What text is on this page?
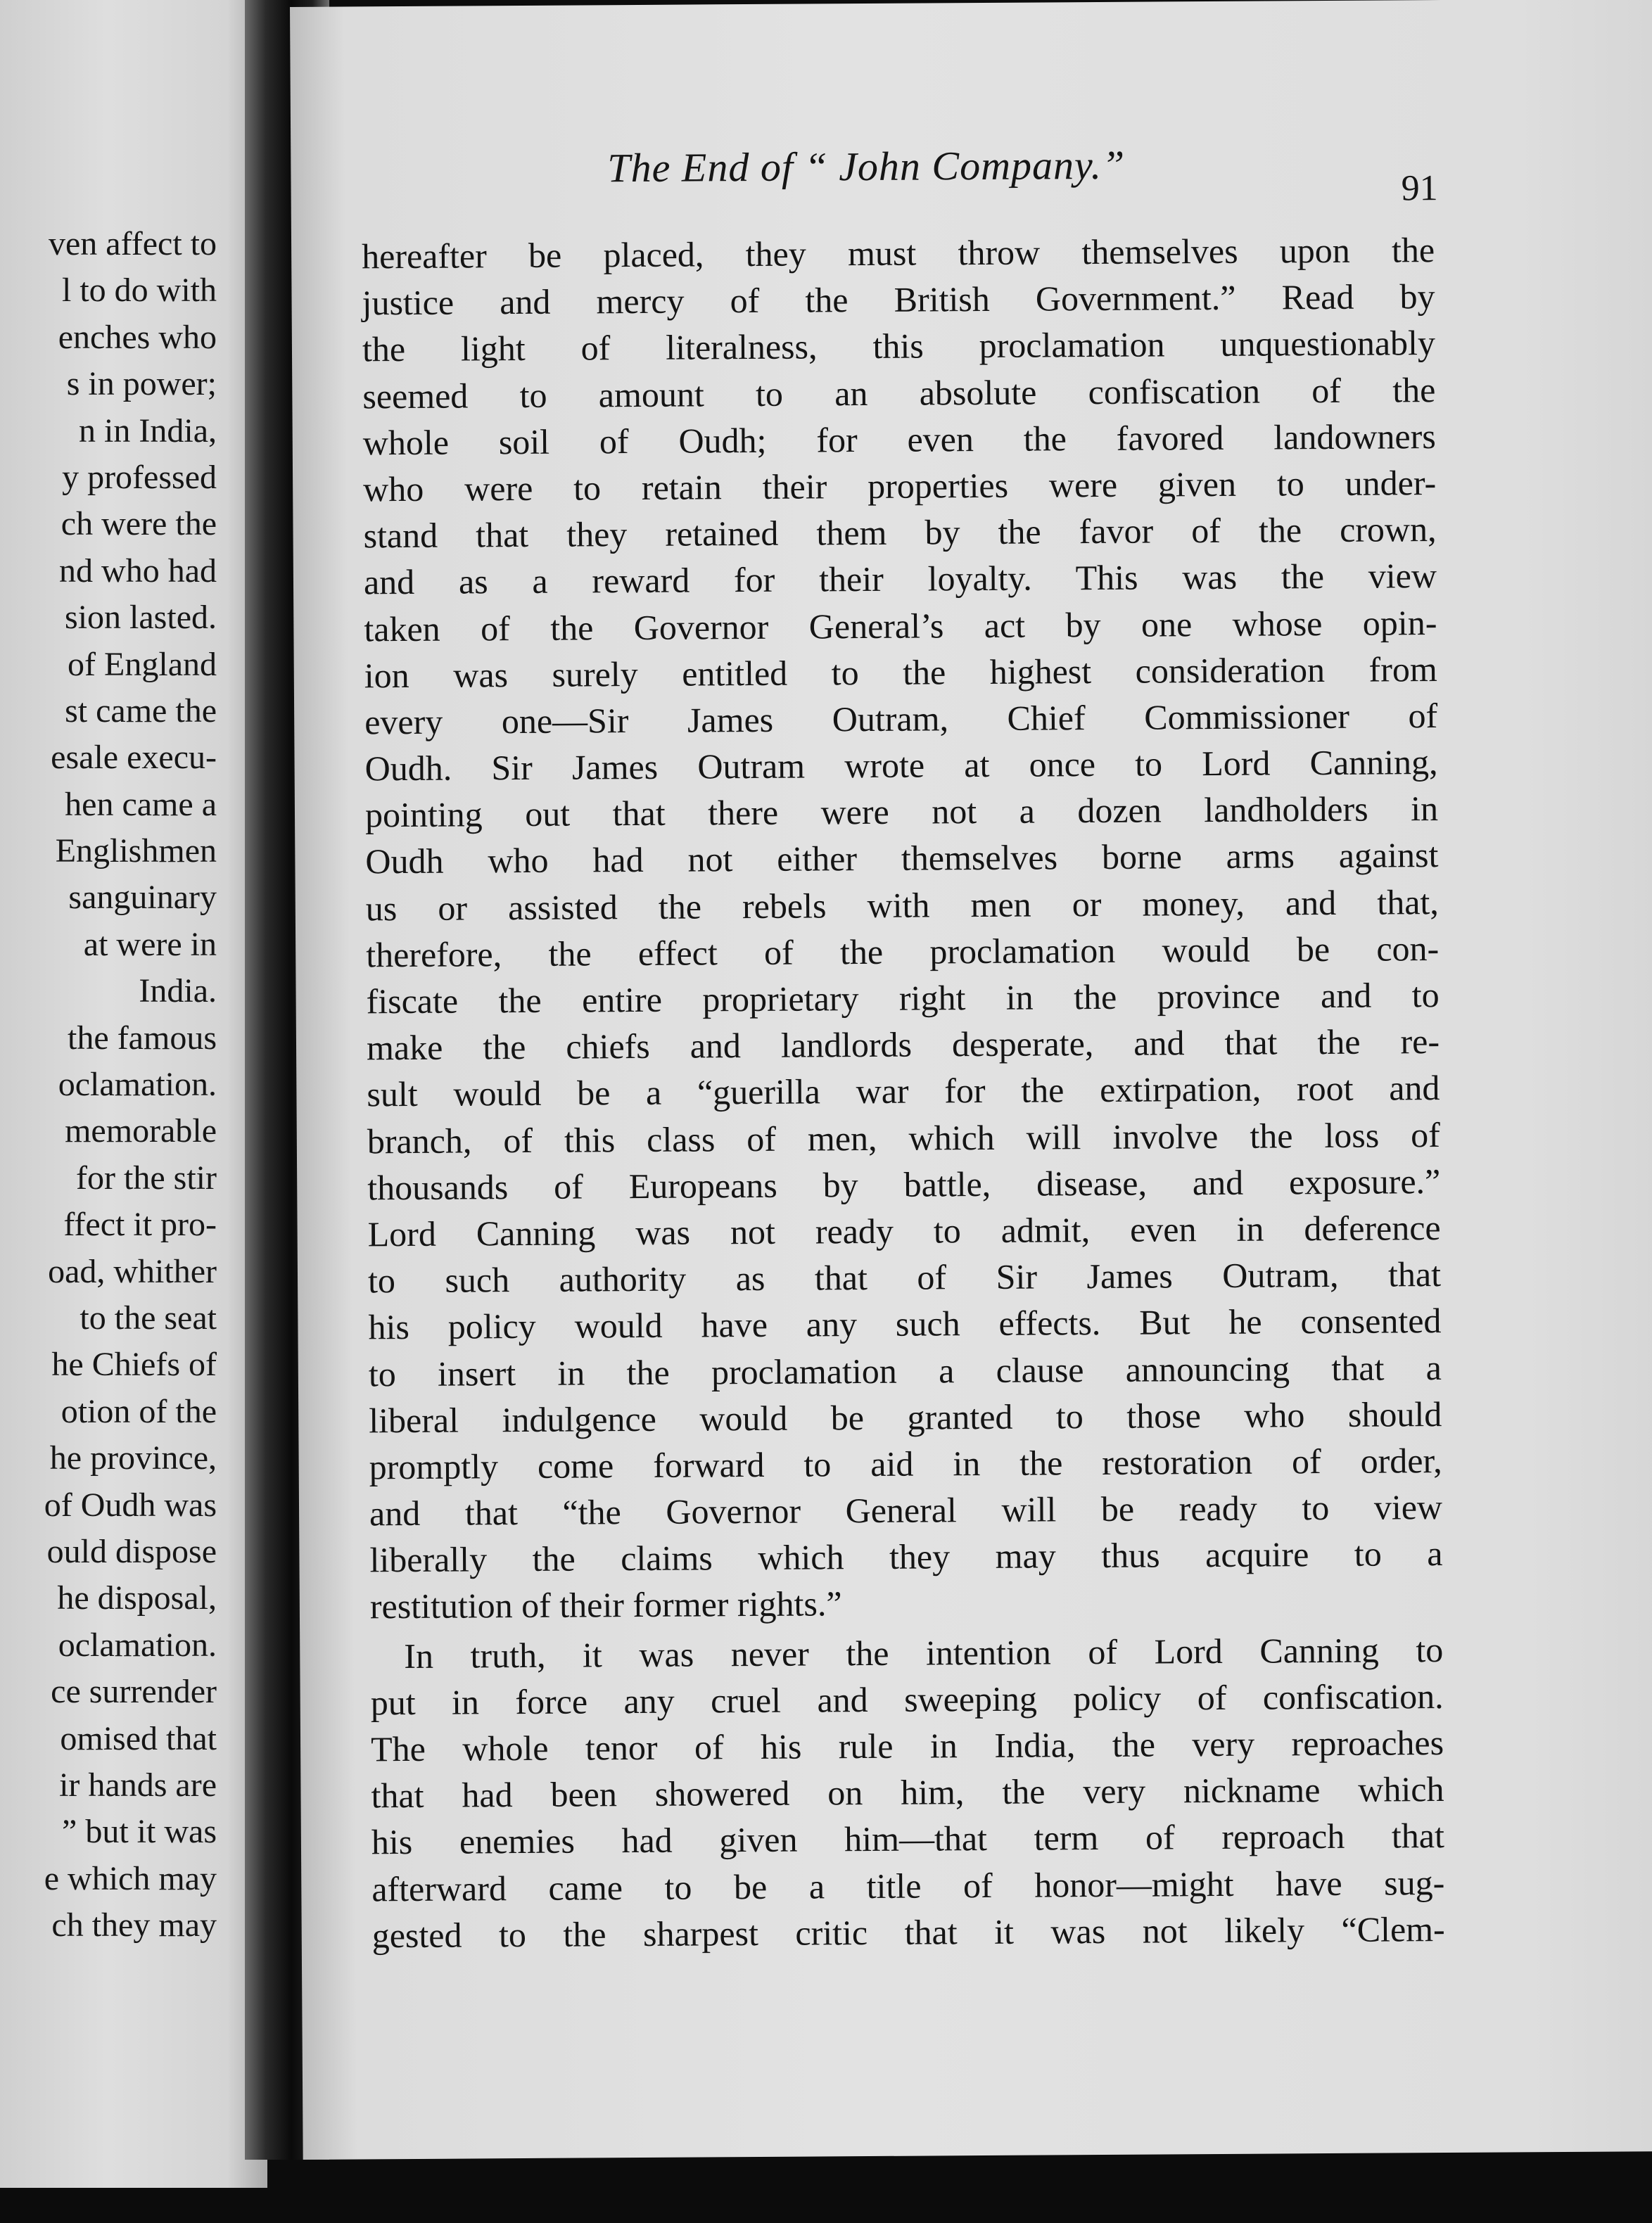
ven affect to
l to do with
enches who
s in power;
n in India,
y professed
ch were the
nd who had
sion lasted.
of England
st came the
esale execu-
hen came a
Englishmen
sanguinary
at were in
India.
the famous
oclamation.
memorable
for the stir
ffect it pro-
oad, whither
to the seat
he Chiefs of
otion of the
he province,
of Oudh was
ould dispose
he disposal,
oclamation.
ce surrender
omised that
ir hands are
” but it was
e which may
ch they may
The End of “ John Company.”	91
hereafter be placed, they must throw themselves upon the
justice and mercy of the British Government.” Read by
the light of literalness, this proclamation unquestionably
seemed to amount to an absolute confiscation of the
whole soil of Oudh; for even the favored landowners
who were to retain their properties were given to under-
stand that they retained them by the favor of the crown,
and as a reward for their loyalty. This was the view
taken of the Governor General’s act by one whose opin-
ion was surely entitled to the highest consideration from
every one—Sir James Outram, Chief Commissioner of
Oudh. Sir James Outram wrote at once to Lord Canning,
pointing out that there were not a dozen landholders in
Oudh who had not either themselves borne arms against
us or assisted the rebels with men or money, and that,
therefore, the effect of the proclamation would be con-
fiscate the entire proprietary right in the province and to
make the chiefs and landlords desperate, and that the re-
sult would be a “guerilla war for the extirpation, root and
branch, of this class of men, which will involve the loss of
thousands of Europeans by battle, disease, and exposure.”
Lord Canning was not ready to admit, even in deference
to such authority as that of Sir James Outram, that
his policy would have any such effects. But he consented
to insert in the proclamation a clause announcing that a
liberal indulgence would be granted to those who should
promptly come forward to aid in the restoration of order,
and that “the Governor General will be ready to view
liberally the claims which they may thus acquire to a
restitution of their former rights.”
In truth, it was never the intention of Lord Canning to
put in force any cruel and sweeping policy of confiscation.
The whole tenor of his rule in India, the very reproaches
that had been showered on him, the very nickname which
his enemies had given him—that term of reproach that
afterward came to be a title of honor—might have sug-
gested to the sharpest critic that it was not likely “Clem-
